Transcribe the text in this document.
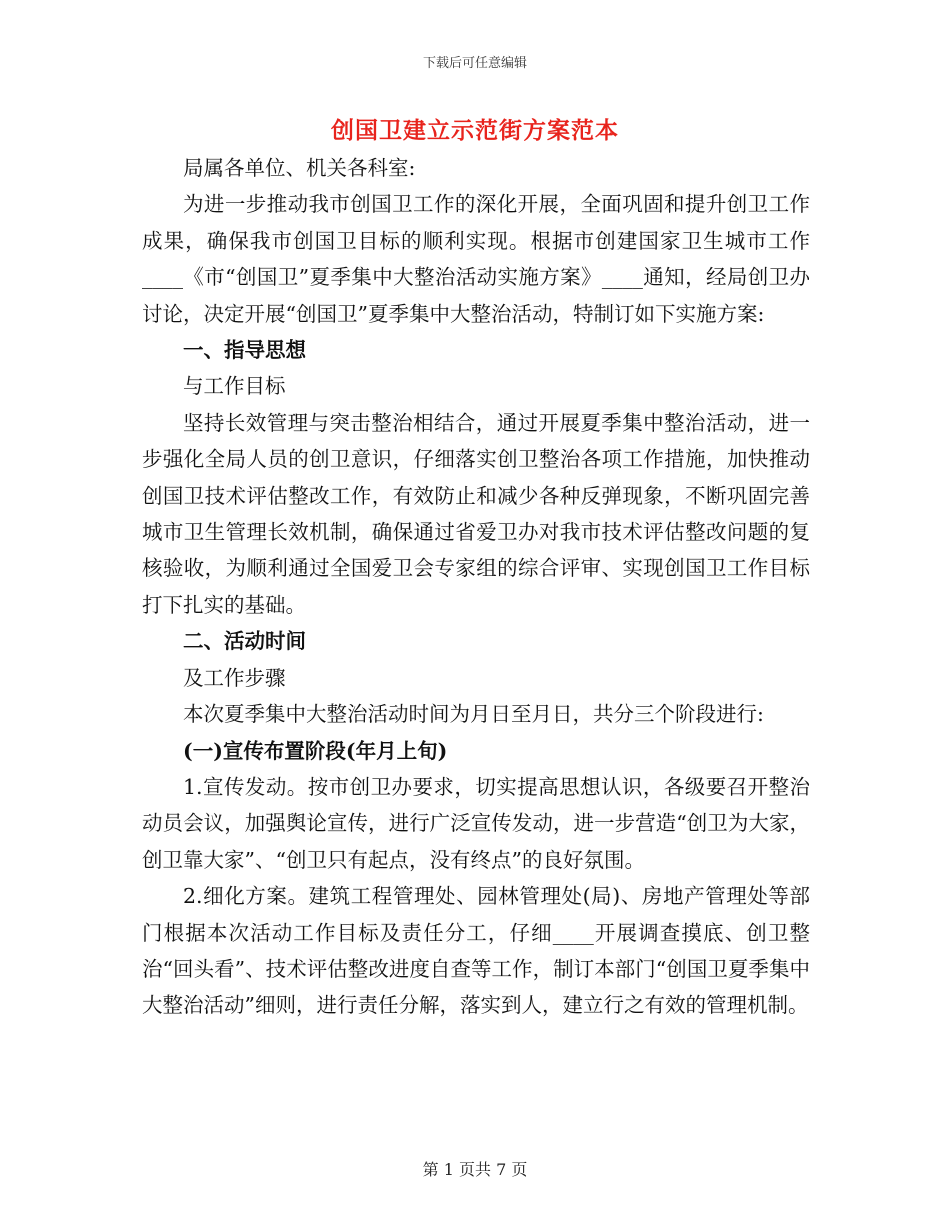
下载后可任意编辑
创国卫建立示范街方案范本

局属各单位、机关各科室:

为进一步推动我市创国卫工作的深化开展，全面巩固和提升创卫工作成果，确保我市创国卫目标的顺利实现。根据市创建国家卫生城市工作____《市“创国卫”夏季集中大整治活动实施方案》____通知，经局创卫办讨论，决定开展“创国卫”夏季集中大整治活动，特制订如下实施方案:

一、指导思想

与工作目标

坚持长效管理与突击整治相结合，通过开展夏季集中整治活动，进一步强化全局人员的创卫意识，仔细落实创卫整治各项工作措施，加快推动创国卫技术评估整改工作，有效防止和减少各种反弹现象，不断巩固完善城市卫生管理长效机制，确保通过省爱卫办对我市技术评估整改问题的复核验收，为顺利通过全国爱卫会专家组的综合评审、实现创国卫工作目标打下扎实的基础。

二、活动时间

及工作步骤

本次夏季集中大整治活动时间为月日至月日，共分三个阶段进行:

(一)宣传布置阶段(年月上旬)

1.宣传发动。按市创卫办要求，切实提高思想认识，各级要召开整治动员会议，加强舆论宣传，进行广泛宣传发动，进一步营造“创卫为大家，创卫靠大家”、“创卫只有起点，没有终点”的良好氛围。

2.细化方案。建筑工程管理处、园林管理处(局)、房地产管理处等部门根据本次活动工作目标及责任分工，仔细____开展调查摸底、创卫整治“回头看”、技术评估整改进度自查等工作，制订本部门“创国卫夏季集中大整治活动”细则，进行责任分解，落实到人，建立行之有效的管理机制。

第 1 页共 7 页
